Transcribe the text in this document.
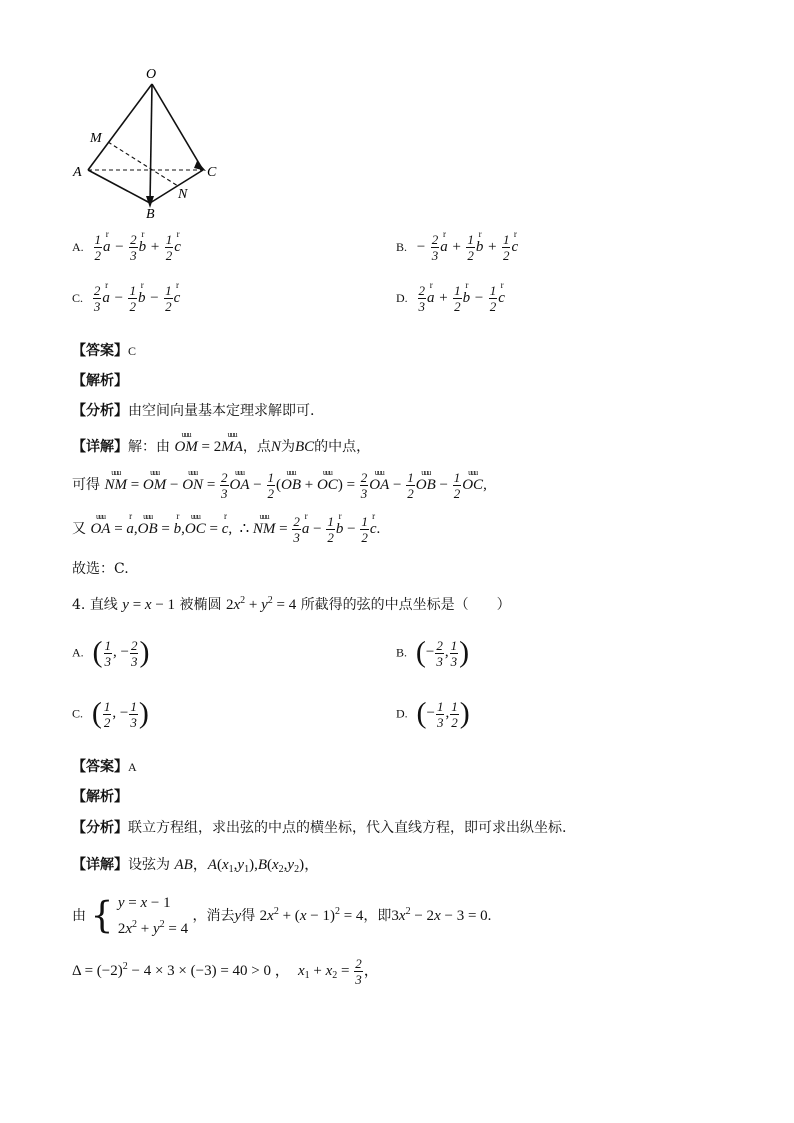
O
M
A	C
N
B
A. $\frac{1}{2}$ r $a - \frac{2}{3}$ r $b + \frac{1}{2}$ r c	B.  − $\frac{2}{3}$ r $a + \frac{1}{2}$ r $b + \frac{1}{2}$ r c
C. $\frac{2}{3}$ r $a - \frac{1}{2}$ r $b - \frac{1}{2}$ r c	D. $\frac{2}{3}$ r $a + \frac{1}{2}$ r $b - \frac{1}{2}$ r c
【答案】C
【解析】
【分析】由空间向量基本定理求解即可.
【详解】解：由 uuu OM = 2uuu MA，点N为BC的中点，
可得 uuu NM = uuu OM − uuu ON = $\frac{2}{3}$ uuu OA − $\frac{1}{2} (uuu$ OB + uuu $OC) = \frac{2}{3}$ uuu OA − $\frac{1}{2}$ uuu OB − $\frac{1}{2}$ uuu OC,
又 uuu OA = r a,uuu OB = r b,uuu OC = r c, ∴ uuu NM = $\frac{2}{3}$ r $a - \frac{1}{2}$ r $b - \frac{1}{2}$ r c.
故选：C.
4. 直线 y = x − 1 被椭圆 $2x^2 + y^2 = 4$ 所截得的弦的中点坐标是（　　）
A. ( $\frac{1}{3}$ , − $\frac{2}{3}$ )	B. (− $\frac{2}{3}$ , $\frac{1}{3}$ )
C. ( $\frac{1}{2}$ , − $\frac{1}{3}$ )	D. (− $\frac{1}{3}$ , $\frac{1}{2}$ )
【答案】A
【解析】
【分析】联立方程组，求出弦的中点的横坐标，代入直线方程，即可求出纵坐标.
【详解】设弦为 AB，$A(x_1,y_1),B(x_2,y_2)$，
由 { y = x − 1
$2x^2 + y^2 = 4$ ，消去y得 $2x^2 + (x - 1)^2 = 4$，即$3x^2 - 2x - 3 = 0$.
$\Delta = (-2)^2 - 4 \times 3 \times (-3) = 40 > 0$ ，  $x_1 + x_2 = \frac{2}{3}$ ，
